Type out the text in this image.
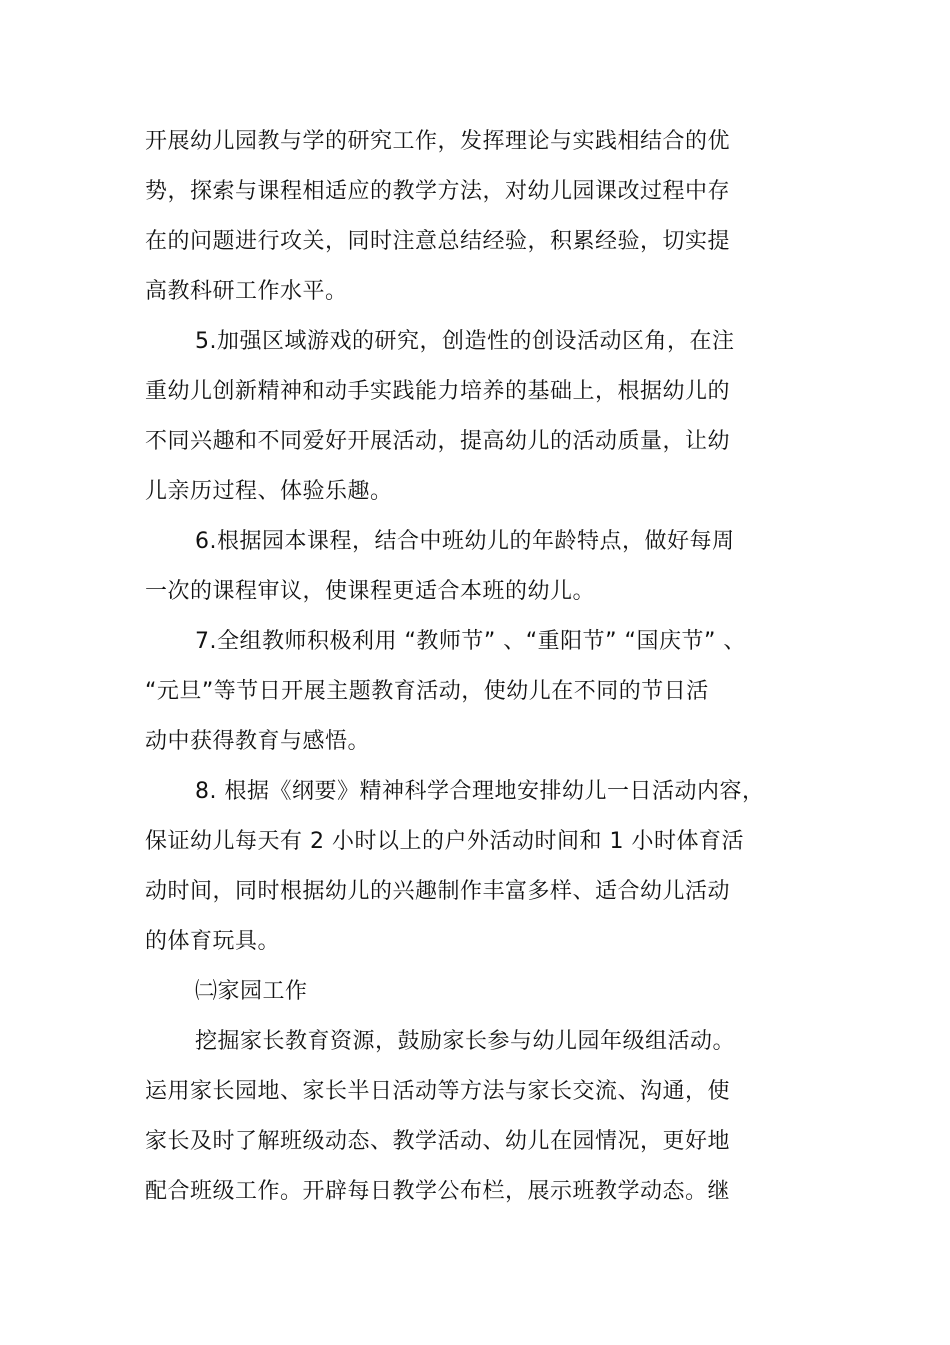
开展幼儿园教与学的研究工作，发挥理论与实践相结合的优
势，探索与课程相适应的教学方法，对幼儿园课改过程中存
在的问题进行攻关，同时注意总结经验，积累经验，切实提
高教科研工作水平。
5.加强区域游戏的研究，创造性的创设活动区角，在注
重幼儿创新精神和动手实践能力培养的基础上，根据幼儿的
不同兴趣和不同爱好开展活动，提高幼儿的活动质量，让幼
儿亲历过程、体验乐趣。
6.根据园本课程，结合中班幼儿的年龄特点，做好每周
一次的课程审议，使课程更适合本班的幼儿。
7.全组教师积极利用 “教师节” 、“重阳节” “国庆节” 、
“元旦”等节日开展主题教育活动，使幼儿在不同的节日活
动中获得教育与感悟。
8. 根据《纲要》精神科学合理地安排幼儿一日活动内容，
保证幼儿每天有 2 小时以上的户外活动时间和 1 小时体育活
动时间，同时根据幼儿的兴趣制作丰富多样、适合幼儿活动
的体育玩具。
㈡家园工作
挖掘家长教育资源，鼓励家长参与幼儿园年级组活动。
运用家长园地、家长半日活动等方法与家长交流、沟通，使
家长及时了解班级动态、教学活动、幼儿在园情况，更好地
配合班级工作。开辟每日教学公布栏，展示班教学动态。继
